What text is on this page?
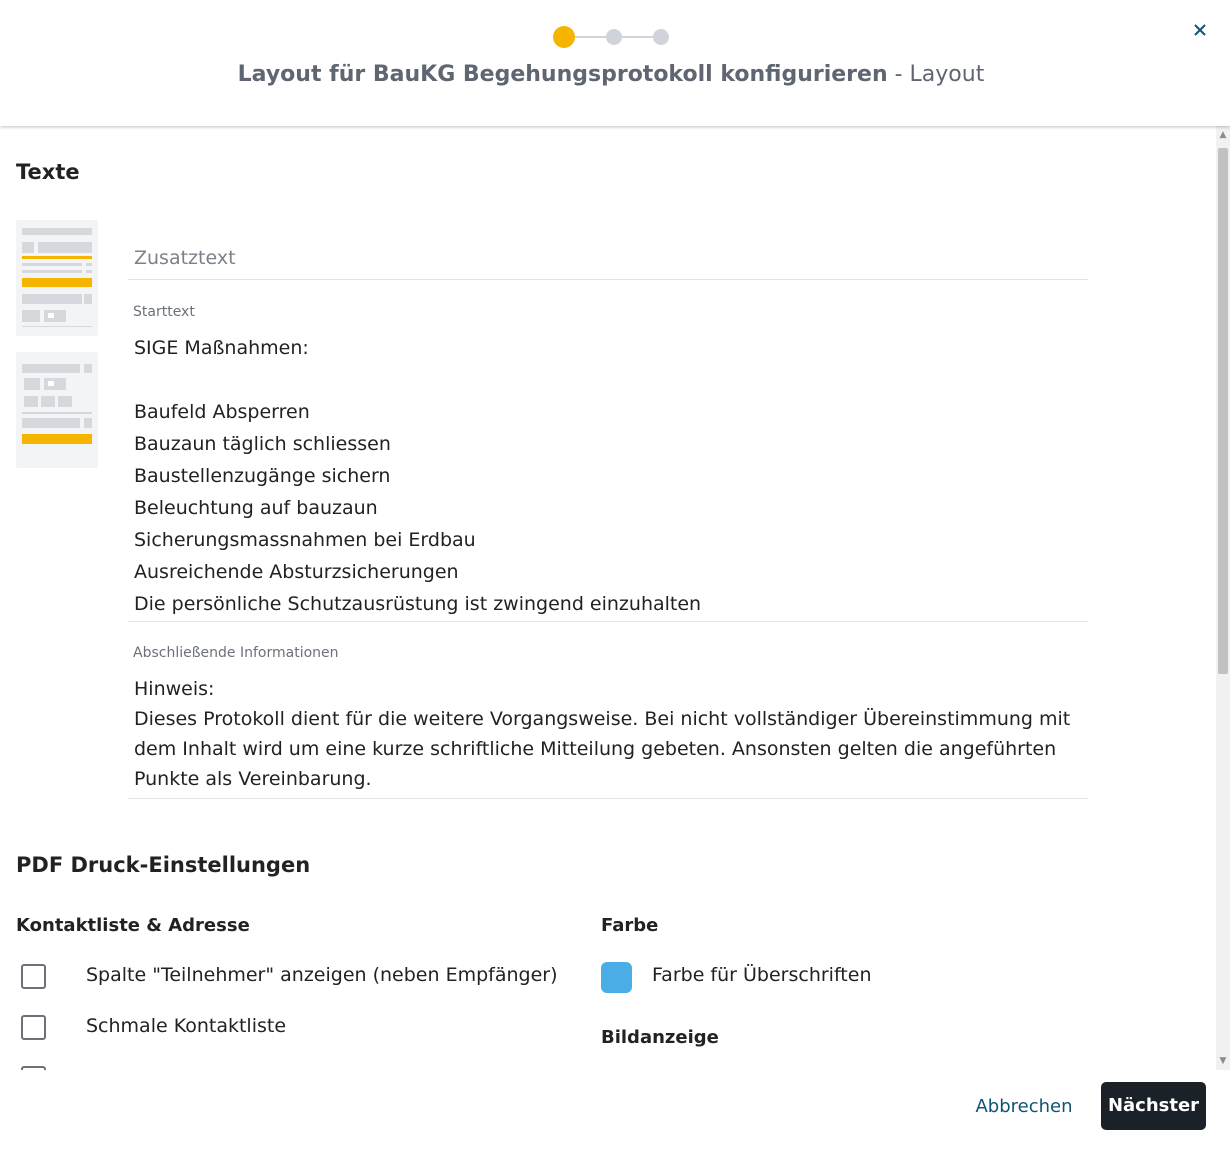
Layout für BauKG Begehungsprotokoll konfigurieren - Layout
Texte
Zusatztext
Starttext
SIGE Maßnahmen:

Baufeld Absperren
Bauzaun täglich schliessen
Baustellenzugänge sichern
Beleuchtung auf bauzaun
Sicherungsmassnahmen bei Erdbau
Ausreichende Absturzsicherungen
Die persönliche Schutzausrüstung ist zwingend einzuhalten
Abschließende Informationen
Hinweis:
Dieses Protokoll dient für die weitere Vorgangsweise. Bei nicht vollständiger Übereinstimmung mit dem Inhalt wird um eine kurze schriftliche Mitteilung gebeten. Ansonsten gelten die angeführten Punkte als Vereinbarung.
PDF Druck-Einstellungen
Kontaktliste & Adresse
Spalte "Teilnehmer" anzeigen (neben Empfänger)
Schmale Kontaktliste
Farbe
Farbe für Überschriften
Bildanzeige
▲
▼
Abbrechen	Nächster
